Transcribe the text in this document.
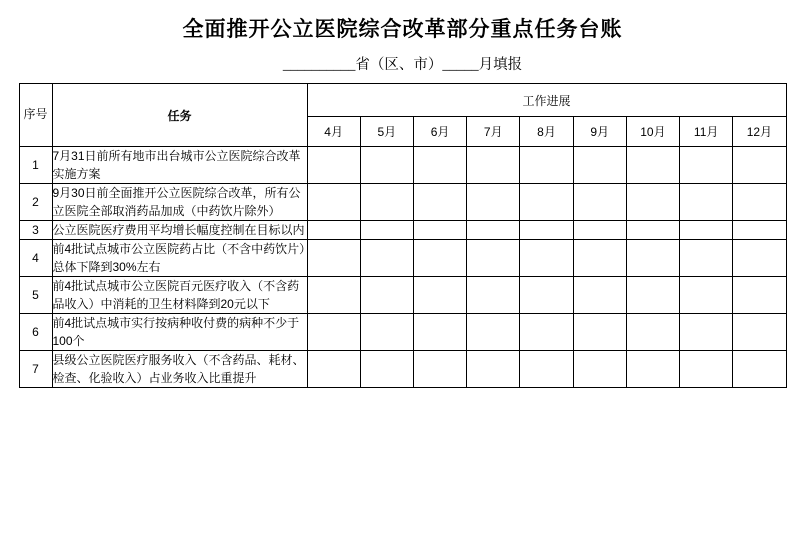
全面推开公立医院综合改革部分重点任务台账
__________省（区、市）_____月填报
序号	任务	工作进展								
		4月	5月	6月	7月	8月	9月	10月	11月	12月
1	7月31日前所有地市出台城市公立医院综合改革实施方案									
2	9月30日前全面推开公立医院综合改革，所有公立医院全部取消药品加成（中药饮片除外）									
3	公立医院医疗费用平均增长幅度控制在目标以内									
4	前4批试点城市公立医院药占比（不含中药饮片）总体下降到30%左右									
5	前4批试点城市公立医院百元医疗收入（不含药品收入）中消耗的卫生材料降到20元以下									
6	前4批试点城市实行按病种收付费的病种不少于100个									
7	县级公立医院医疗服务收入（不含药品、耗材、检查、化验收入）占业务收入比重提升									
